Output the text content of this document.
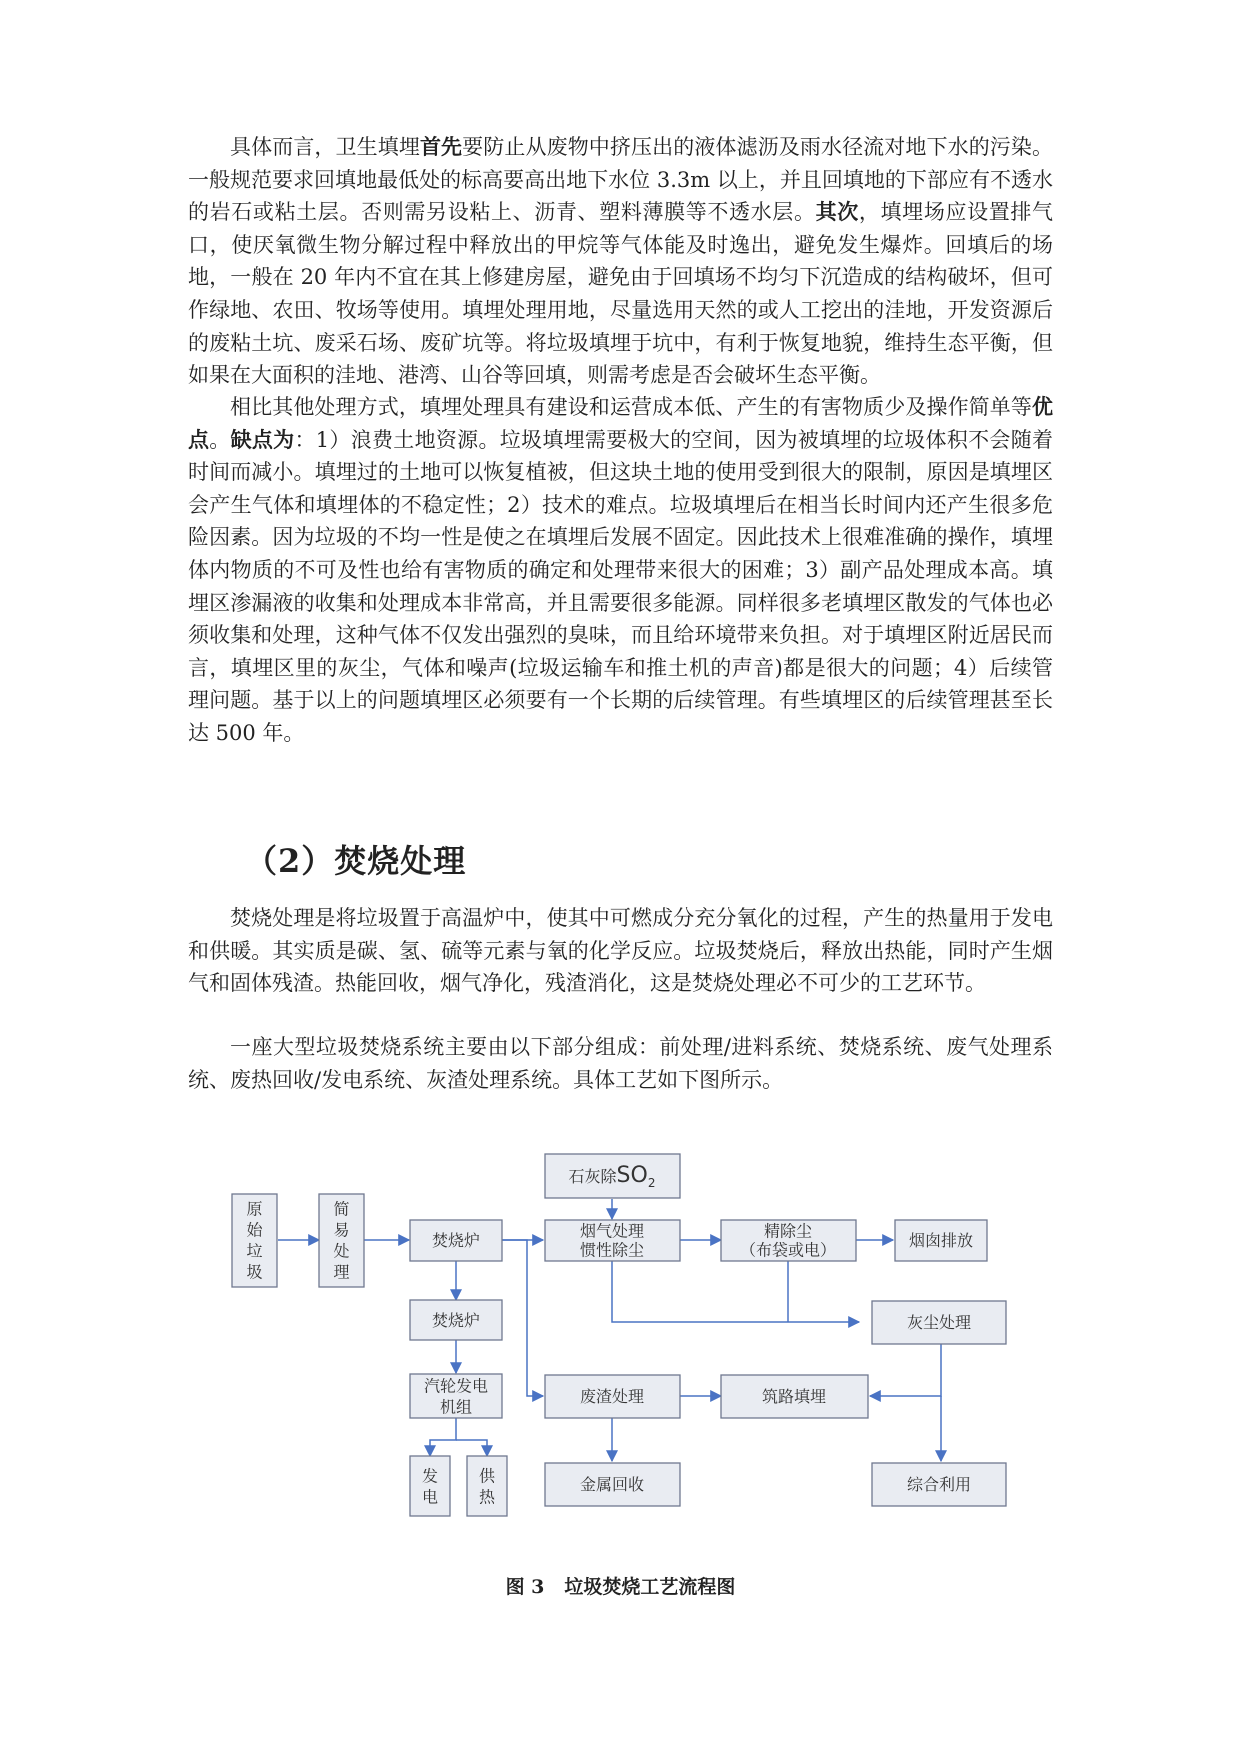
具体而言，卫生填埋首先要防止从废物中挤压出的液体滤沥及雨水径流对地下水的污染。一般规范要求回填地最低处的标高要高出地下水位 3.3m 以上，并且回填地的下部应有不透水的岩石或粘土层。否则需另设粘上、沥青、塑料薄膜等不透水层。其次，填埋场应设置排气口，使厌氧微生物分解过程中释放出的甲烷等气体能及时逸出，避免发生爆炸。回填后的场地，一般在 20 年内不宜在其上修建房屋，避免由于回填场不均匀下沉造成的结构破坏，但可作绿地、农田、牧场等使用。填埋处理用地，尽量选用天然的或人工挖出的洼地，开发资源后的废粘土坑、废采石场、废矿坑等。将垃圾填埋于坑中，有利于恢复地貌，维持生态平衡，但如果在大面积的洼地、港湾、山谷等回填，则需考虑是否会破坏生态平衡。

相比其他处理方式，填埋处理具有建设和运营成本低、产生的有害物质少及操作简单等优点。缺点为：1）浪费土地资源。垃圾填埋需要极大的空间，因为被填埋的垃圾体积不会随着时间而减小。填埋过的土地可以恢复植被，但这块土地的使用受到很大的限制，原因是填埋区会产生气体和填埋体的不稳定性；2）技术的难点。垃圾填埋后在相当长时间内还产生很多危险因素。因为垃圾的不均一性是使之在填埋后发展不固定。因此技术上很难准确的操作，填埋体内物质的不可及性也给有害物质的确定和处理带来很大的困难；3）副产品处理成本高。填埋区渗漏液的收集和处理成本非常高，并且需要很多能源。同样很多老填埋区散发的气体也必须收集和处理，这种气体不仅发出强烈的臭味，而且给环境带来负担。对于填埋区附近居民而言，填埋区里的灰尘，气体和噪声(垃圾运输车和推土机的声音)都是很大的问题；4）后续管理问题。基于以上的问题填埋区必须要有一个长期的后续管理。有些填埋区的后续管理甚至长达 500 年。

（2）焚烧处理

焚烧处理是将垃圾置于高温炉中，使其中可燃成分充分氧化的过程，产生的热量用于发电和供暖。其实质是碳、氢、硫等元素与氧的化学反应。垃圾焚烧后，释放出热能，同时产生烟气和固体残渣。热能回收，烟气净化，残渣消化，这是焚烧处理必不可少的工艺环节。

一座大型垃圾焚烧系统主要由以下部分组成：前处理/进料系统、焚烧系统、废气处理系统、废热回收/发电系统、灰渣处理系统。具体工艺如下图所示。

原始垃圾
简易处理
焚烧炉
焚烧炉
汽轮发电机组
发电
供热
石灰除$SO_2$
烟气处理惯性除尘
精除尘（布袋或电）	烟囱排放
灰尘处理
废渣处理	筑路填埋
金属回收	综合利用
图 3 垃圾焚烧工艺流程图
